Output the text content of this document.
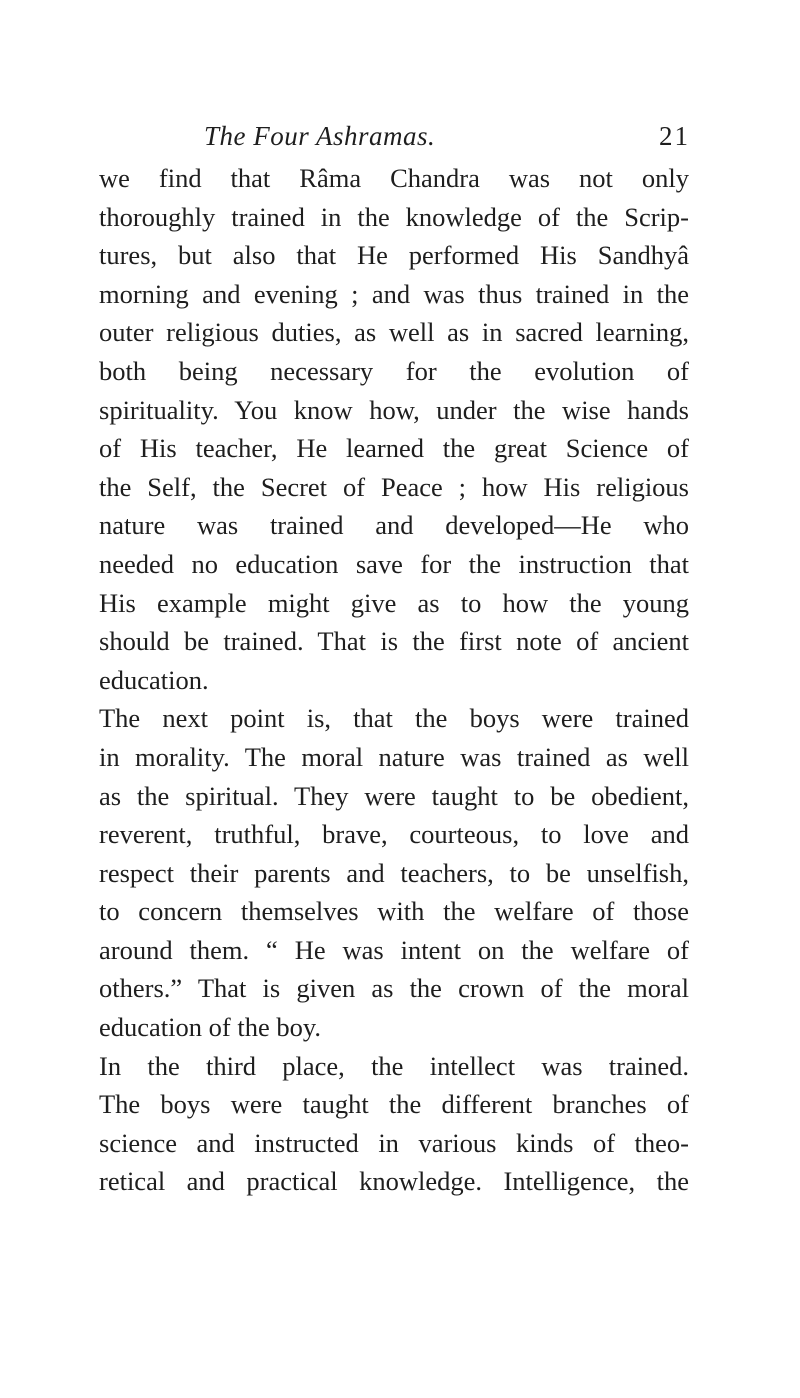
The Four Ashramas.	21
we find that Râma Chandra was not only
thoroughly trained in the knowledge of the Scrip-
tures, but also that He performed His Sandhyâ
morning and evening ; and was thus trained in the
outer religious duties, as well as in sacred learning,
both being necessary for the evolution of
spirituality. You know how, under the wise hands
of His teacher, He learned the great Science of
the Self, the Secret of Peace ; how His religious
nature was trained and developed—He who
needed no education save for the instruction that
His example might give as to how the young
should be trained. That is the first note of ancient
education.
The next point is, that the boys were trained
in morality. The moral nature was trained as well
as the spiritual. They were taught to be obedient,
reverent, truthful, brave, courteous, to love and
respect their parents and teachers, to be unselfish,
to concern themselves with the welfare of those
around them. “ He was intent on the welfare of
others.” That is given as the crown of the moral
education of the boy.
In the third place, the intellect was trained.
The boys were taught the different branches of
science and instructed in various kinds of theo-
retical and practical knowledge. Intelligence, the
